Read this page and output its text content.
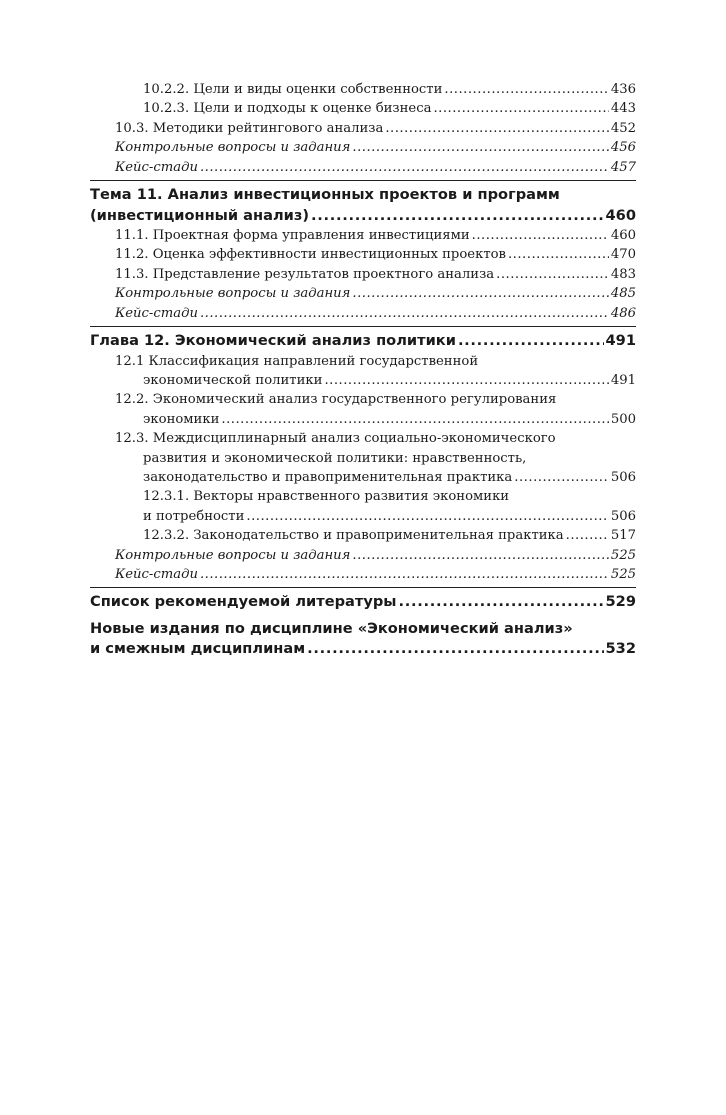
10.2.2. Цели и виды оценки собственности .....	436
10.2.3. Цели и подходы к оценке бизнеса .....	443
10.3. Методики рейтингового анализа .....	452
Контрольные вопросы и задания .....	456
Кейс-стади .....	457
Тема 11. Анализ инвестиционных проектов и программ
(инвестиционный анализ) .....	460
11.1. Проектная форма управления инвестициями .....	460
11.2. Оценка эффективности инвестиционных проектов .....	470
11.3. Представление результатов проектного анализа .....	483
Контрольные вопросы и задания .....	485
Кейс-стади .....	486
Глава 12. Экономический анализ политики .....	491
12.1 Классификация направлений государственной
экономической политики .....	491
12.2. Экономический анализ государственного регулирования
экономики .....	500
12.3. Междисциплинарный анализ социально-экономического
развития и экономической политики: нравственность,
законодательство и правоприменительная практика .....	506
12.3.1. Векторы нравственного развития экономики
и потребности .....	506
12.3.2. Законодательство и правоприменительная практика .....	517
Контрольные вопросы и задания .....	525
Кейс-стади .....	525
Список рекомендуемой литературы .....	529
Новые издания по дисциплине «Экономический анализ»
и смежным дисциплинам .....	532
